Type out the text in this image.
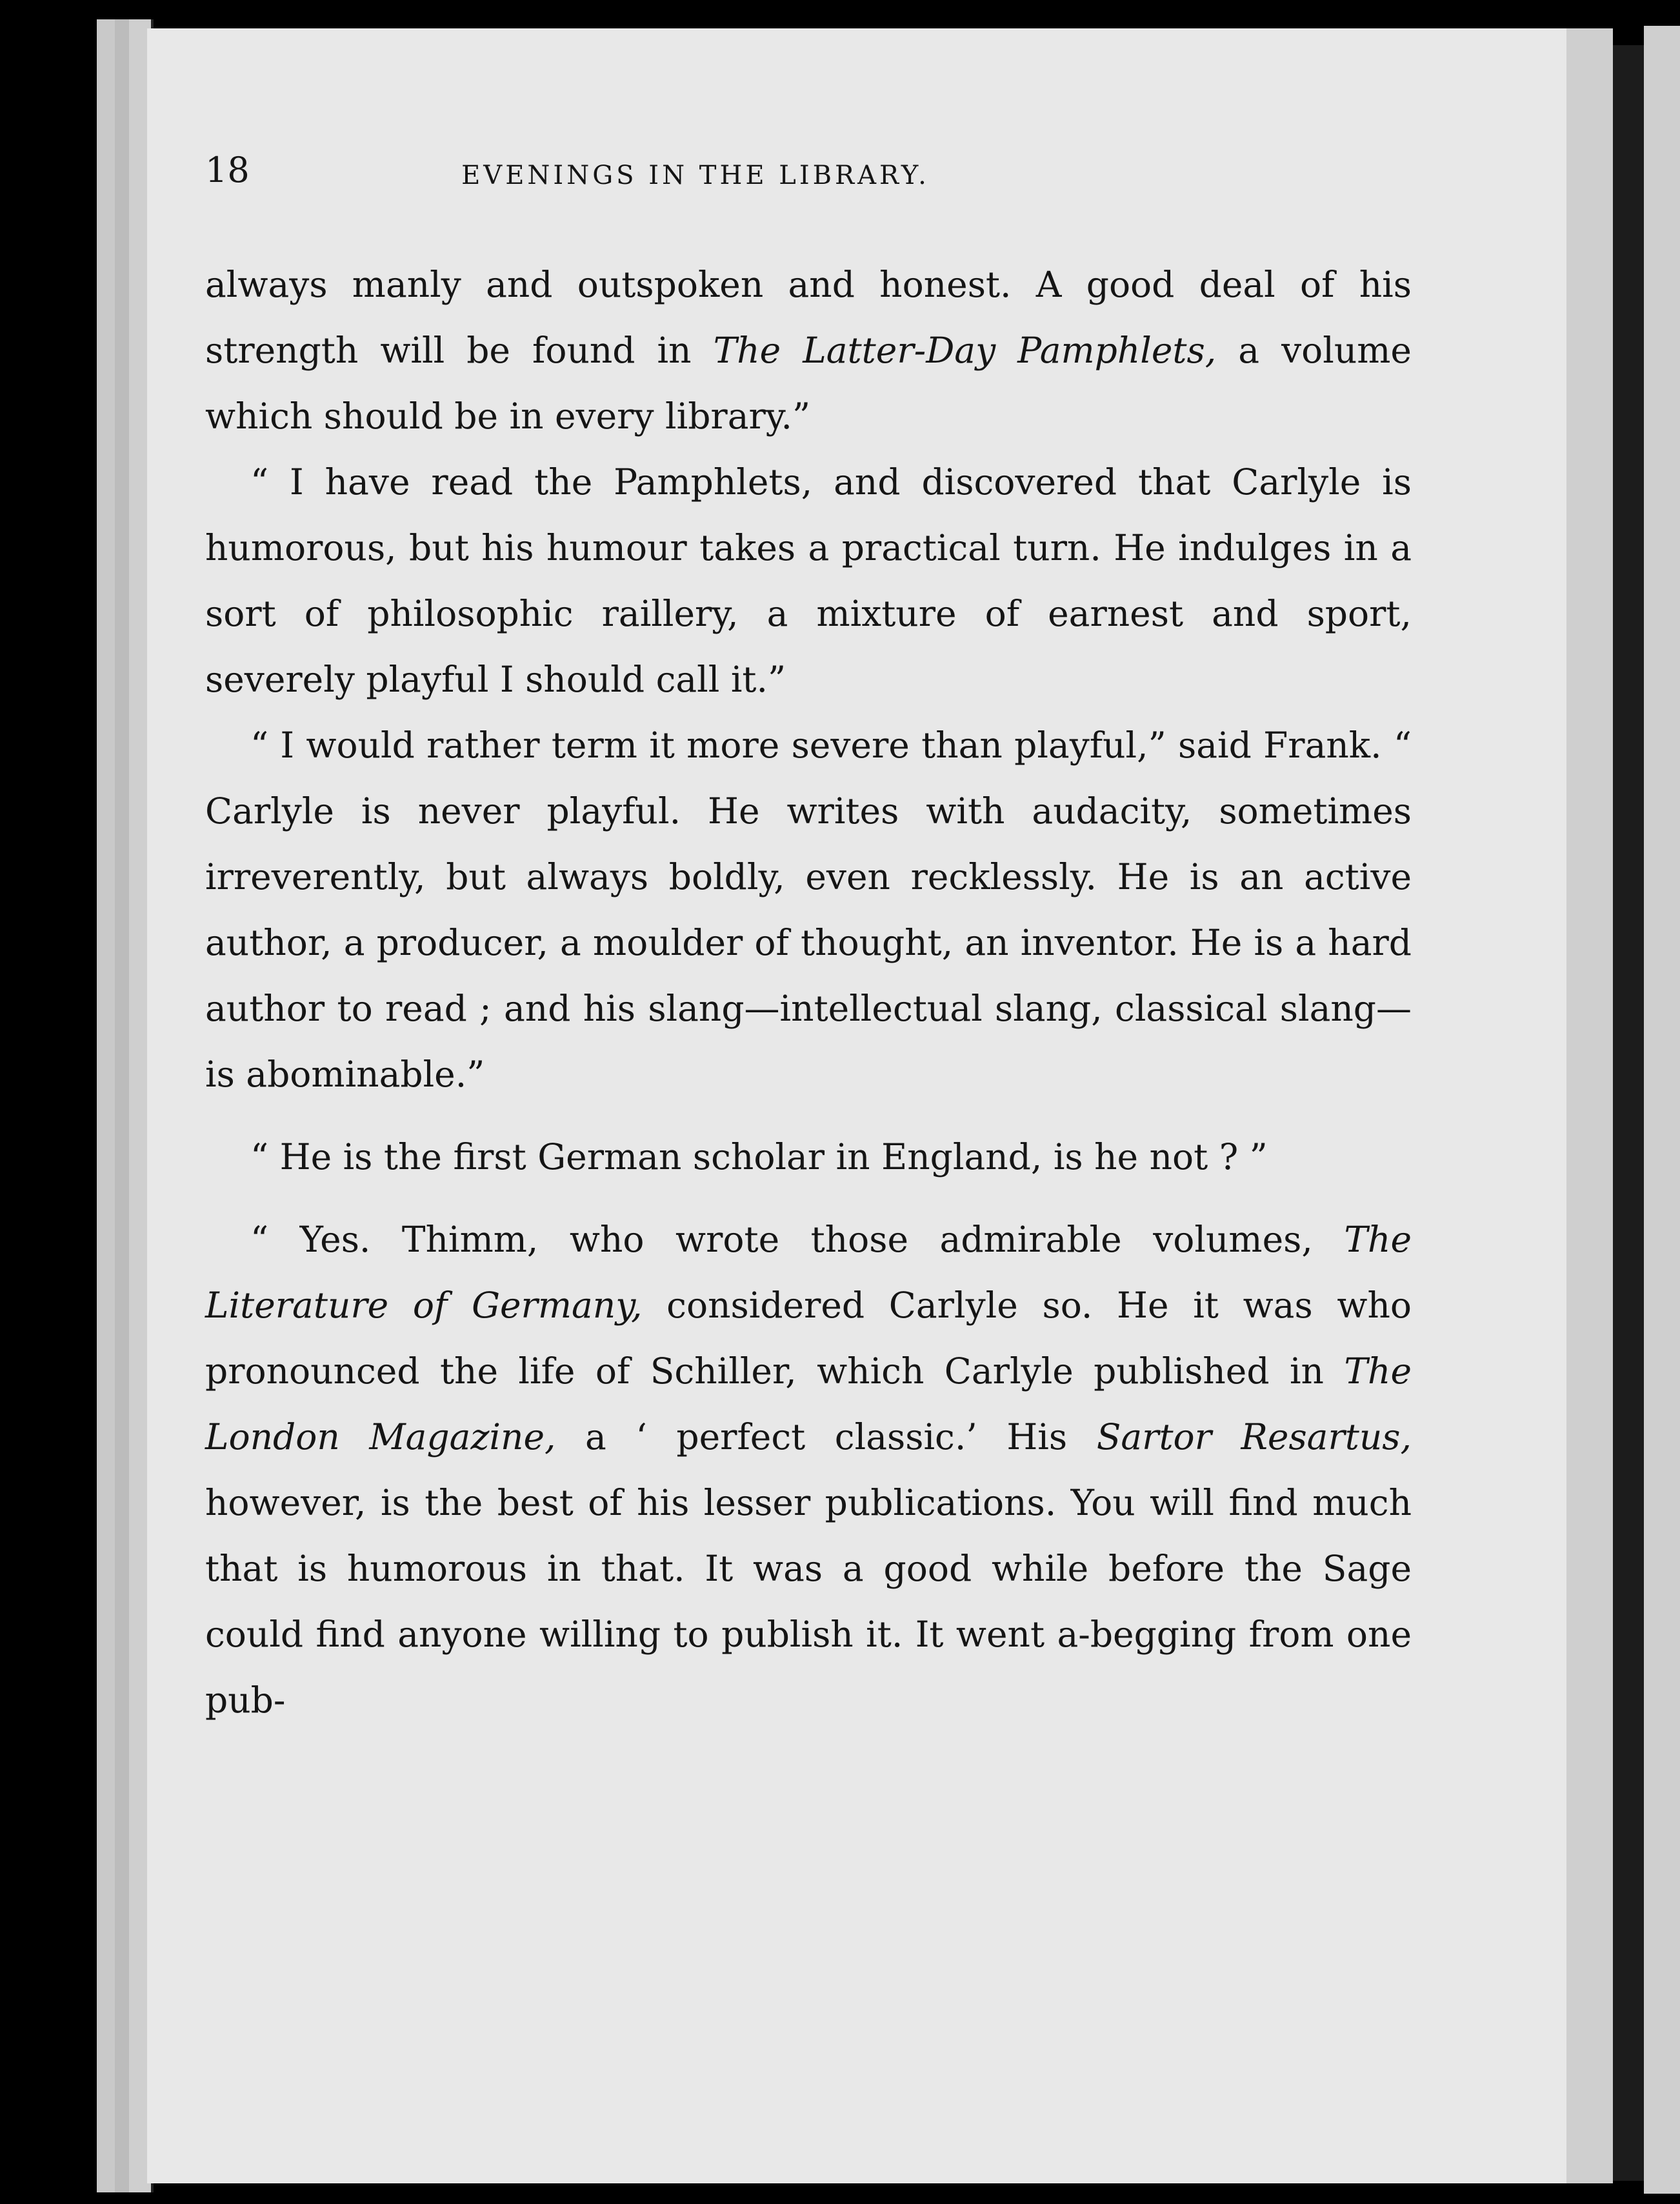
18	EVENINGS IN THE LIBRARY.

always manly and outspoken and honest. A good deal of his strength will be found in The Latter-Day Pamphlets, a volume which should be in every library.”

“ I have read the Pamphlets, and discovered that Carlyle is humorous, but his humour takes a practical turn. He indulges in a sort of philosophic raillery, a mixture of earnest and sport, severely playful I should call it.”

“ I would rather term it more severe than playful,” said Frank. “ Carlyle is never playful. He writes with audacity, sometimes irreverently, but always boldly, even recklessly. He is an active author, a producer, a moulder of thought, an inventor. He is a hard author to read ; and his slang—intellectual slang, classical slang—is abominable.”

“ He is the first German scholar in England, is he not ? ”

“ Yes. Thimm, who wrote those admirable volumes, The Literature of Germany, considered Carlyle so. He it was who pronounced the life of Schiller, which Carlyle published in The London Magazine, a ‘ perfect classic.’ His Sartor Resartus, however, is the best of his lesser publications. You will find much that is humorous in that. It was a good while before the Sage could find anyone willing to publish it. It went a-begging from one pub-
